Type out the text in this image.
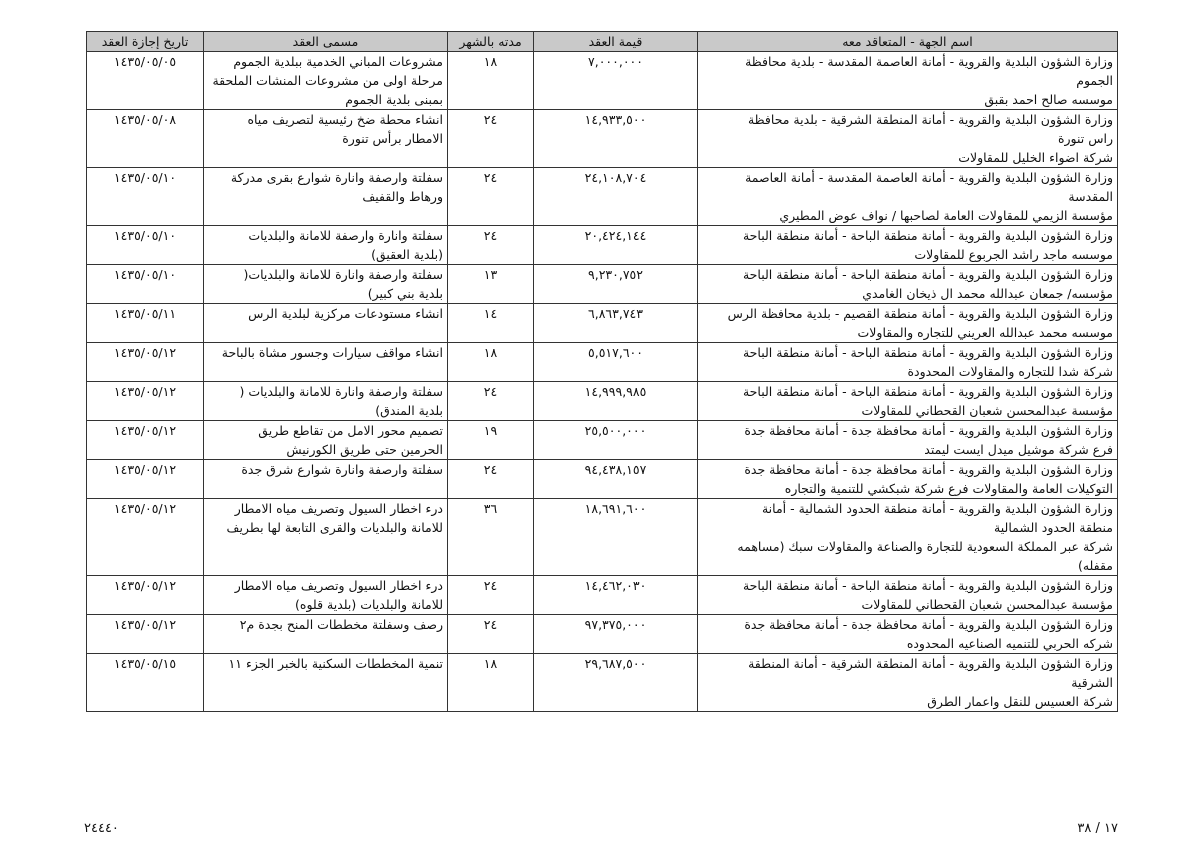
اسم الجهة - المتعاقد معه	قيمة العقد	مدته بالشهر	مسمى العقد	تاريخ إجازة العقد

وزارة الشؤون البلدية والقروية - أمانة العاصمة المقدسة - بلدية محافظة
الجموم
موسسه صالح احمد بقبق	٧,٠٠٠,٠٠٠	١٨	مشروعات المباني الخدمية ببلدية الجموم
مرحلة اولى من مشروعات المنشات الملحقة
بمبنى بلدية الجموم	١٤٣٥/٠٥/٠٥

وزارة الشؤون البلدية والقروية - أمانة المنطقة الشرقية - بلدية محافظة
راس تنورة
شركة اضواء الخليل للمقاولات	١٤,٩٣٣,٥٠٠	٢٤	انشاء محطة ضخ رئيسية لتصريف مياه
الامطار برأس تنورة	١٤٣٥/٠٥/٠٨

وزارة الشؤون البلدية والقروية - أمانة العاصمة المقدسة - أمانة العاصمة
المقدسة
مؤسسة الزيمي للمقاولات العامة لصاحبها / نواف عوض المطيري	٢٤,١٠٨,٧٠٤	٢٤	سفلتة وارصفة وانارة شوارع بقرى مدركة
ورهاط والقفيف	١٤٣٥/٠٥/١٠

وزارة الشؤون البلدية والقروية - أمانة منطقة الباحة - أمانة منطقة الباحة
موسسه ماجد راشد الجربوع للمقاولات	٢٠,٤٢٤,١٤٤	٢٤	سفلتة وانارة وارصفة للامانة والبلديات
(بلدية العقيق)	١٤٣٥/٠٥/١٠

وزارة الشؤون البلدية والقروية - أمانة منطقة الباحة - أمانة منطقة الباحة
مؤسسه/ جمعان عبدالله محمد ال ذيخان الغامدي	٩,٢٣٠,٧٥٢	١٣	سفلتة وارصفة وانارة للامانة والبلديات(
بلدية بني كبير)	١٤٣٥/٠٥/١٠

وزارة الشؤون البلدية والقروية - أمانة منطقة القصيم - بلدية محافظة الرس
موسسه محمد عبدالله العريني للتجاره والمقاولات	٦,٨٦٣,٧٤٣	١٤	انشاء مستودعات مركزية لبلدية الرس	١٤٣٥/٠٥/١١

وزارة الشؤون البلدية والقروية - أمانة منطقة الباحة - أمانة منطقة الباحة
شركة شدا للتجاره والمقاولات المحدودة	٥,٥١٧,٦٠٠	١٨	انشاء مواقف سيارات وجسور مشاة بالباحة	١٤٣٥/٠٥/١٢

وزارة الشؤون البلدية والقروية - أمانة منطقة الباحة - أمانة منطقة الباحة
مؤسسة عبدالمحسن شعبان القحطاني للمقاولات	١٤,٩٩٩,٩٨٥	٢٤	سفلتة وارصفة وانارة للامانة والبلديات (
بلدية المندق)	١٤٣٥/٠٥/١٢

وزارة الشؤون البلدية والقروية - أمانة محافظة جدة - أمانة محافظة جدة
فرع شركة موشيل ميدل ايست ليمتد	٢٥,٥٠٠,٠٠٠	١٩	تصميم محور الامل من تقاطع طريق
الحرمين حتى طريق الكورنيش	١٤٣٥/٠٥/١٢

وزارة الشؤون البلدية والقروية - أمانة محافظة جدة - أمانة محافظة جدة
التوكيلات العامة والمقاولات فرع شركة شبكشي للتنمية والتجاره	٩٤,٤٣٨,١٥٧	٢٤	سفلتة وارصفة وانارة شوارع شرق جدة	١٤٣٥/٠٥/١٢

وزارة الشؤون البلدية والقروية - أمانة منطقة الحدود الشمالية - أمانة
منطقة الحدود الشمالية
شركة عبر المملكة السعودية للتجارة والصناعة والمقاولات سبك (مساهمه
مقفله)	١٨,٦٩١,٦٠٠	٣٦	درء اخطار السيول وتصريف مياه الامطار
للامانة والبلديات والقرى التابعة لها بطريف	١٤٣٥/٠٥/١٢

وزارة الشؤون البلدية والقروية - أمانة منطقة الباحة - أمانة منطقة الباحة
مؤسسة عبدالمحسن شعبان القحطاني للمقاولات	١٤,٤٦٢,٠٣٠	٢٤	درء اخطار السيول وتصريف مياه الامطار
للامانة والبلديات (بلدية قلوه)	١٤٣٥/٠٥/١٢

وزارة الشؤون البلدية والقروية - أمانة محافظة جدة - أمانة محافظة جدة
شركه الحربي للتنميه الصناعيه المحدوده	٩٧,٣٧٥,٠٠٠	٢٤	رصف وسفلتة مخططات المنح بجدة م٢	١٤٣٥/٠٥/١٢

وزارة الشؤون البلدية والقروية - أمانة المنطقة الشرقية - أمانة المنطقة
الشرقية
شركة العسيس للنقل واعمار الطرق	٢٩,٦٨٧,٥٠٠	١٨	تنمية المخططات السكنية بالخبر الجزء ١١	١٤٣٥/٠٥/١٥
٢٤٤٤٠	١٧ / ٣٨
